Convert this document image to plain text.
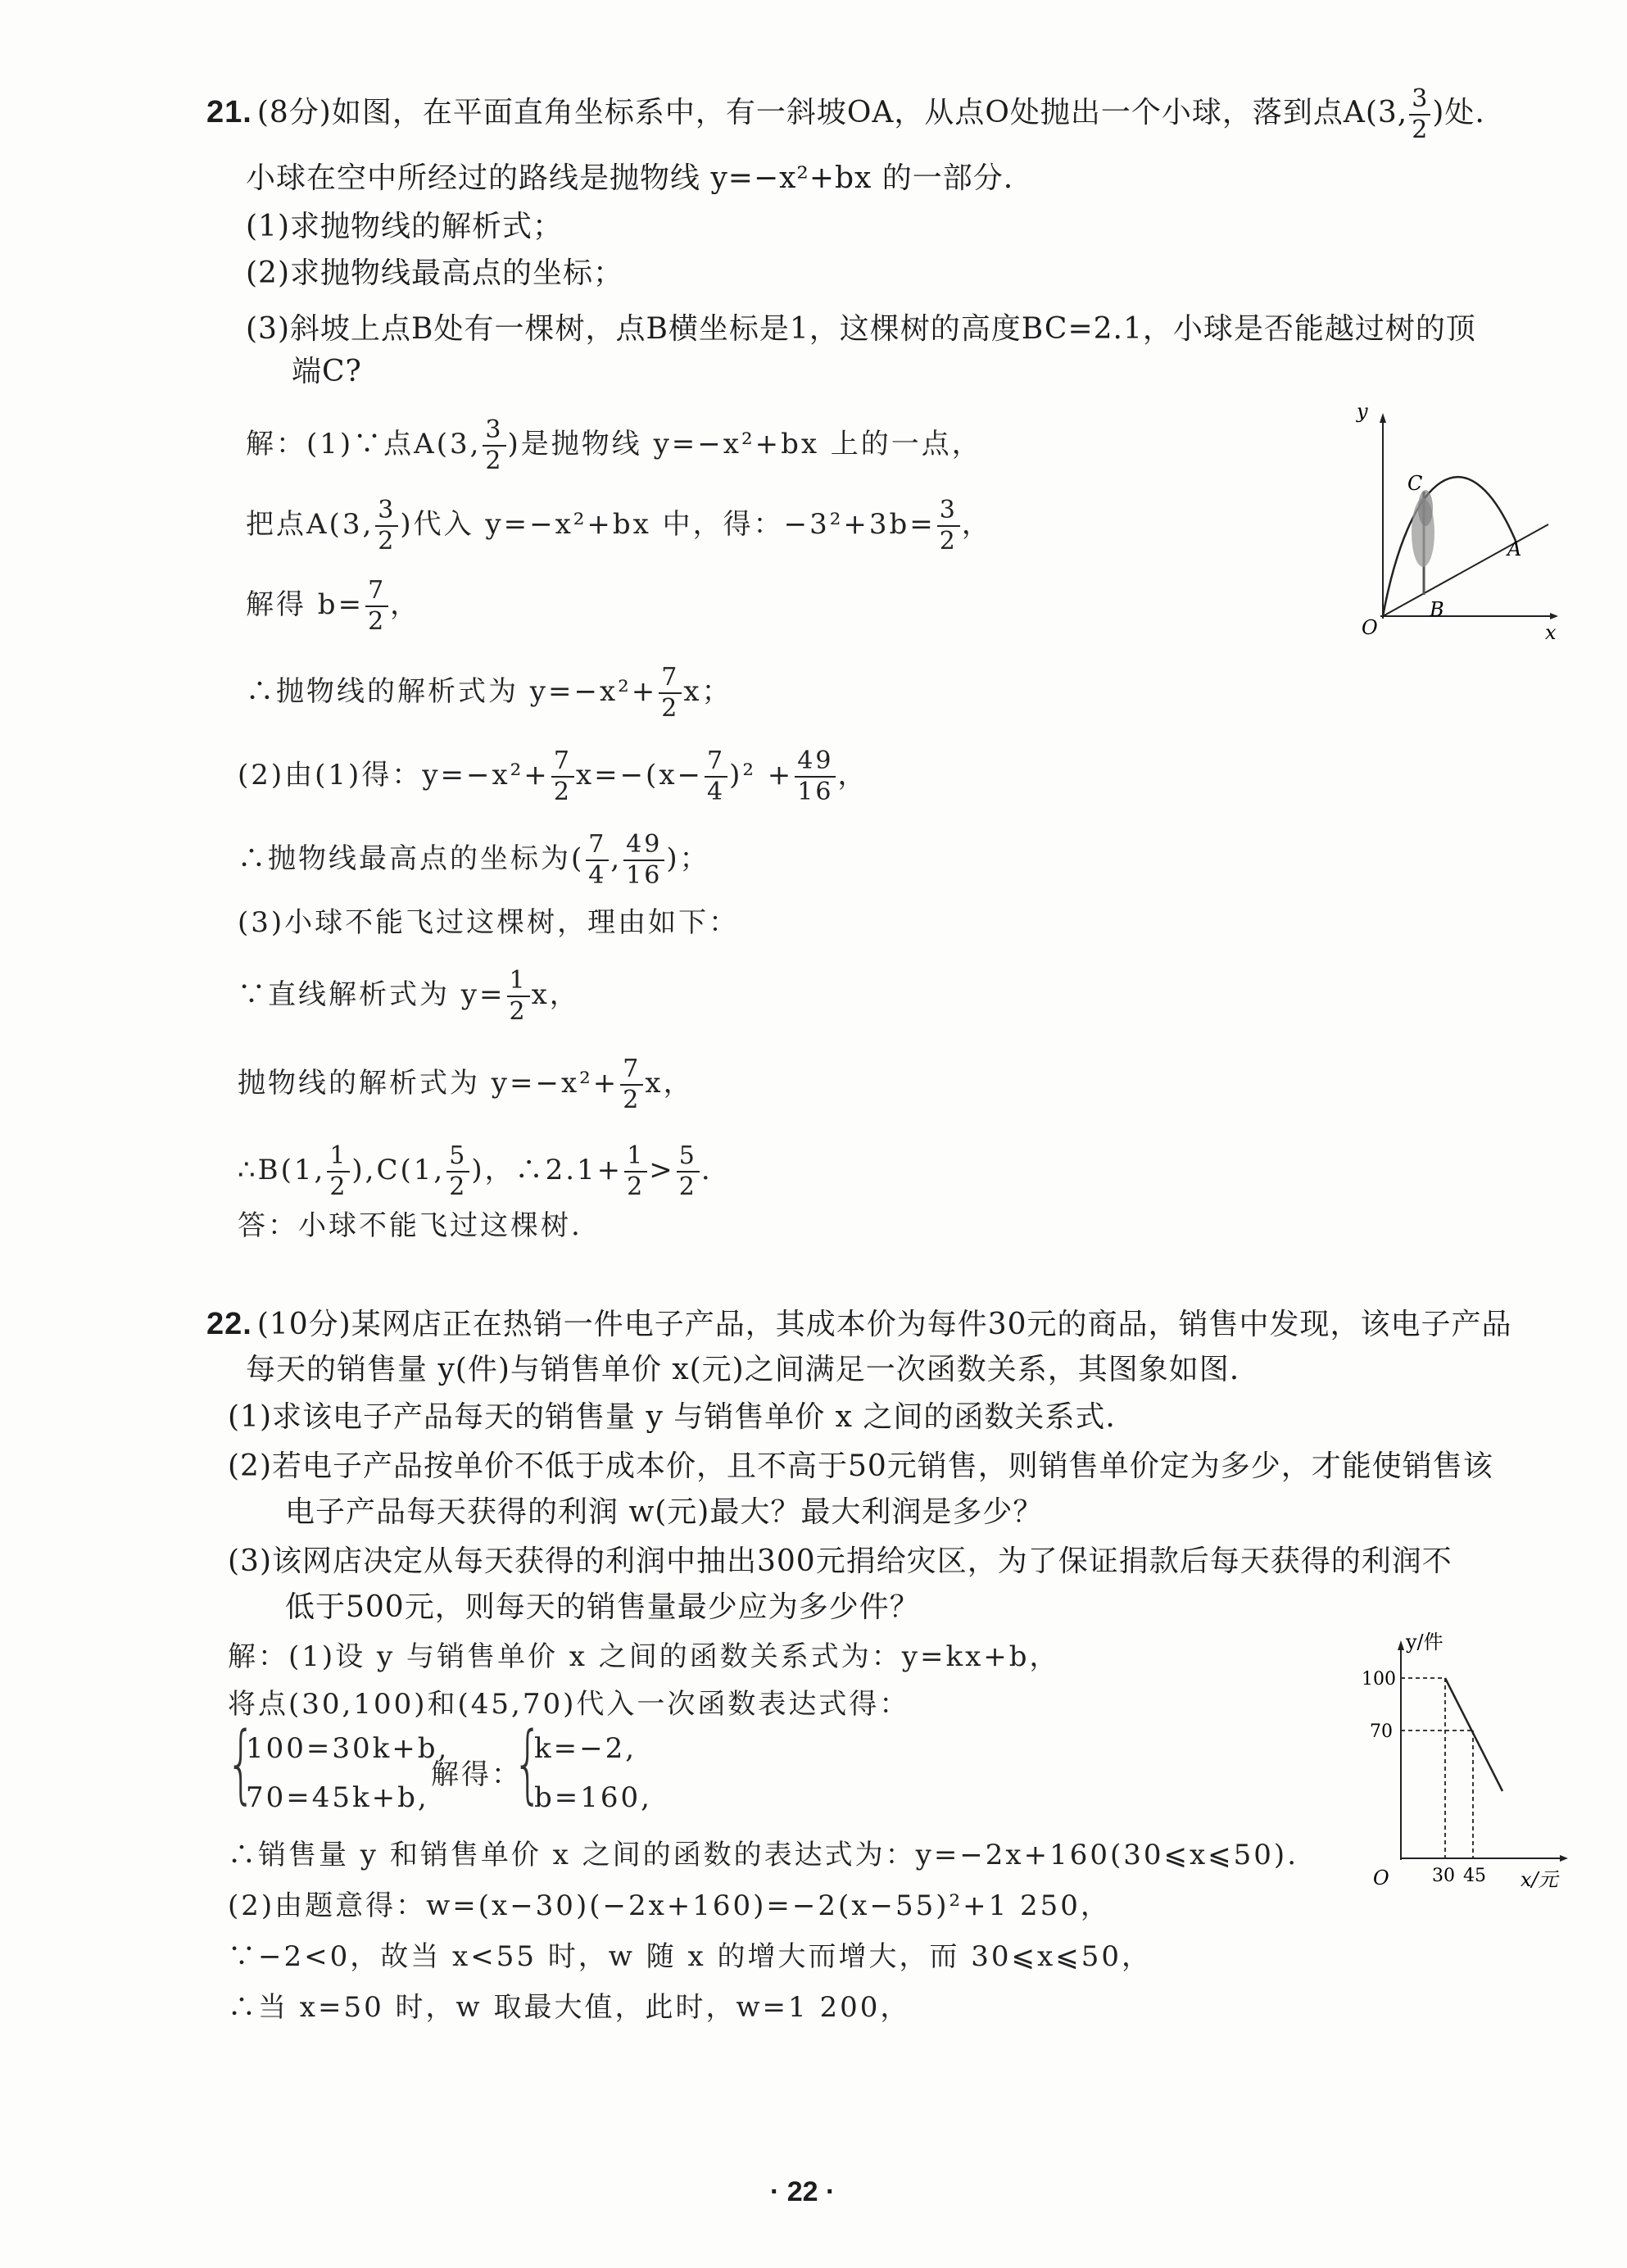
21. (8分)如图，在平面直角坐标系中，有一斜坡OA，从点O处抛出一个小球，落到点A(3, $\frac{3}{2}$ )处.
小球在空中所经过的路线是抛物线 y=−x²+bx 的一部分.
(1)求抛物线的解析式；
(2)求抛物线最高点的坐标；
(3)斜坡上点B处有一棵树，点B横坐标是1，这棵树的高度BC=2.1，小球是否能越过树的顶
端C?
解：(1)∵点A(3, $\frac{3}{2}$ )是抛物线 y=−x²+bx 上的一点，
把点A(3, $\frac{3}{2}$ )代入 y=−x²+bx 中，得：$-3^2+3b= \frac{3}{2}$ ，
解得 $b= \frac{7}{2}$ ，
∴抛物线的解析式为 $y=-x^2+ \frac{7}{2}$ x；
(2)由(1)得：$y=-x^2+ \frac{7}{2} x=-(x- \frac{7}{4} )^2 + \frac{49}{16}$ ，
∴抛物线最高点的坐标为( $\frac{7}{4}$ , $\frac{49}{16}$ )；
(3)小球不能飞过这棵树，理由如下：
∵直线解析式为 $y= \frac{1}{2}$ x，
抛物线的解析式为 $y=-x^2+ \frac{7}{2}$ x，
∴B(1, $\frac{1}{2} ),C(1$, $\frac{5}{2}$ )，∴2.1+ $\frac{1}{2} > \frac{5}{2}$ .
答：小球不能飞过这棵树.
y
x
O
A
B
C
22. (10分)某网店正在热销一件电子产品，其成本价为每件30元的商品，销售中发现，该电子产品
每天的销售量 y(件)与销售单价 x(元)之间满足一次函数关系，其图象如图.
(1)求该电子产品每天的销售量 y 与销售单价 x 之间的函数关系式.
(2)若电子产品按单价不低于成本价，且不高于50元销售，则销售单价定为多少，才能使销售该
电子产品每天获得的利润 w(元)最大？最大利润是多少？
(3)该网店决定从每天获得的利润中抽出300元捐给灾区，为了保证捐款后每天获得的利润不
低于500元，则每天的销售量最少应为多少件？
解：(1)设 y 与销售单价 x 之间的函数关系式为：y=kx+b，
将点(30,100)和(45,70)代入一次函数表达式得：
{
100=30k+b,
70=45k+b,
解得：
{
k=−2,
b=160,
∴销售量 y 和销售单价 x 之间的函数的表达式为：y=−2x+160(30⩽x⩽50).
(2)由题意得：w=(x−30)(−2x+160)=−2(x−55)²+1 250，
∵−2<0，故当 x<55 时，w 随 x 的增大而增大，而 30⩽x⩽50，
∴当 x=50 时，w 取最大值，此时，w=1 200，
y/件
x/元
O
100
70
30 45
· 22 ·
